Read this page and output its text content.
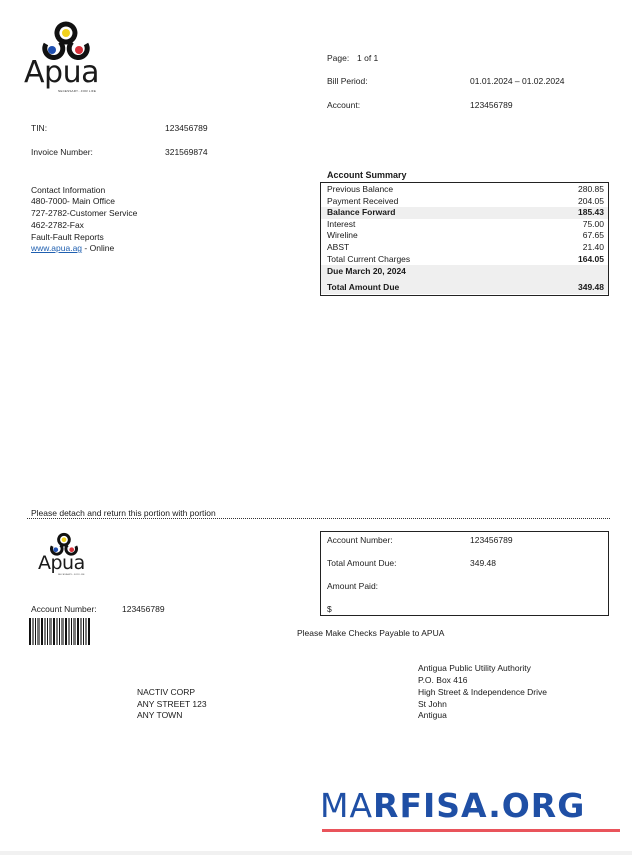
Apua
NECESSARY...FOR LIFE
Page: 1 of 1
Bill Period:	01.01.2024 – 01.02.2024
Account:	123456789
TIN:	123456789
Invoice Number:	321569874
Contact Information
480-7000- Main Office
727-2782-Customer Service
462-2782-Fax
Fault-Fault Reports
www.apua.ag - Online
Account Summary
Previous Balance	280.85
Payment Received	204.05
Balance Forward	185.43
Interest	75.00
Wireline	67.65
ABST	21.40
Total Current Charges	164.05
Due March 20, 2024
Total Amount Due	349.48
Please detach and return this portion with portion
Apua
NECESSARY...FOR LIFE
Account Number:	123456789
Account Number:	123456789
Total Amount Due:	349.48
Amount Paid:
$
Please Make Checks Payable to APUA
NACTIV CORP
ANY STREET 123
ANY TOWN
Antigua Public Utility Authority
P.O. Box 416
High Street & Independence Drive
St John
Antigua
MARFISA.ORG
